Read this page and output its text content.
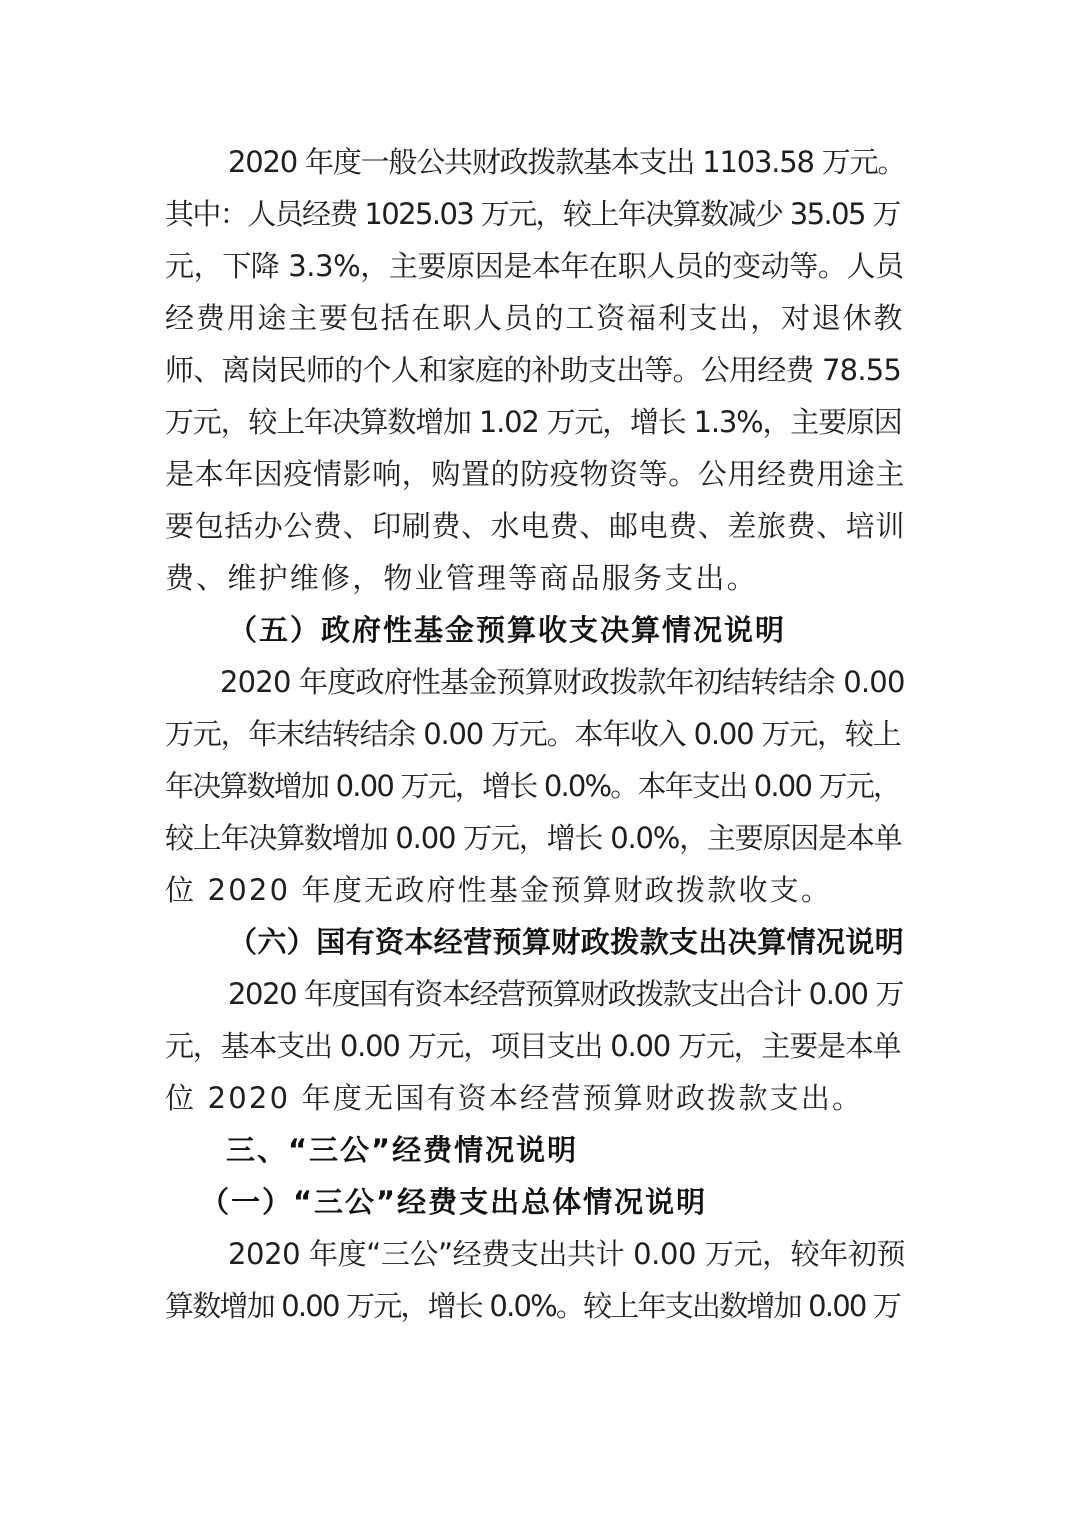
2020 年度一般公共财政拨款基本支出 1103.58 万元。
其中：人员经费 1025.03 万元，较上年决算数减少 35.05 万
元，下降 3.3%，主要原因是本年在职人员的变动等。人员
经费用途主要包括在职人员的工资福利支出，对退休教
师、离岗民师的个人和家庭的补助支出等。公用经费 78.55
万元，较上年决算数增加 1.02 万元，增长 1.3%，主要原因
是本年因疫情影响，购置的防疫物资等。公用经费用途主
要包括办公费、印刷费、水电费、邮电费、差旅费、培训
费、维护维修，物业管理等商品服务支出。
（五）政府性基金预算收支决算情况说明
2020 年度政府性基金预算财政拨款年初结转结余 0.00
万元，年末结转结余 0.00 万元。本年收入 0.00 万元，较上
年决算数增加 0.00 万元，增长 0.0%。本年支出 0.00 万元，
较上年决算数增加 0.00 万元，增长 0.0%，主要原因是本单
位 2020 年度无政府性基金预算财政拨款收支。
（六）国有资本经营预算财政拨款支出决算情况说明
2020 年度国有资本经营预算财政拨款支出合计 0.00 万
元，基本支出 0.00 万元，项目支出 0.00 万元，主要是本单
位 2020 年度无国有资本经营预算财政拨款支出。
三、“三公”经费情况说明
（一）“三公”经费支出总体情况说明
2020 年度“三公”经费支出共计 0.00 万元，较年初预
算数增加 0.00 万元，增长 0.0%。较上年支出数增加 0.00 万
